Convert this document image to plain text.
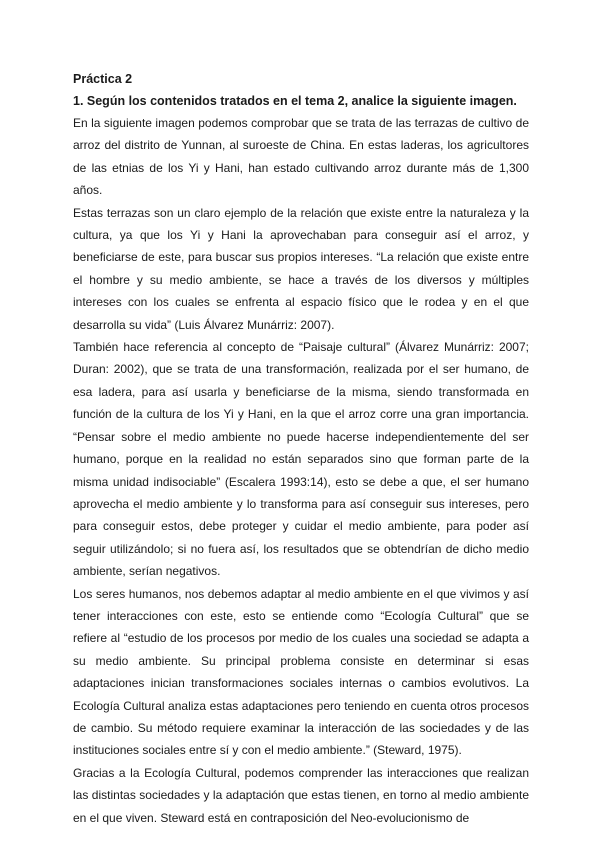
Práctica 2

1. Según los contenidos tratados en el tema 2, analice la siguiente imagen.

En la siguiente imagen podemos comprobar que se trata de las terrazas de cultivo de arroz del distrito de Yunnan, al suroeste de China. En estas laderas, los agricultores de las etnias de los Yi y Hani, han estado cultivando arroz durante más de 1,300 años.

Estas terrazas son un claro ejemplo de la relación que existe entre la naturaleza y la cultura, ya que los Yi y Hani la aprovechaban para conseguir así el arroz, y beneficiarse de este, para buscar sus propios intereses. “La relación que existe entre el hombre y su medio ambiente, se hace a través de los diversos y múltiples intereses con los cuales se enfrenta al espacio físico que le rodea y en el que desarrolla su vida” (Luis Álvarez Munárriz: 2007).

También hace referencia al concepto de “Paisaje cultural” (Álvarez Munárriz: 2007; Duran: 2002), que se trata de una transformación, realizada por el ser humano, de esa ladera, para así usarla y beneficiarse de la misma, siendo transformada en función de la cultura de los Yi y Hani, en la que el arroz corre una gran importancia. “Pensar sobre el medio ambiente no puede hacerse independientemente del ser humano, porque en la realidad no están separados sino que forman parte de la misma unidad indisociable” (Escalera 1993:14), esto se debe a que, el ser humano aprovecha el medio ambiente y lo transforma para así conseguir sus intereses, pero para conseguir estos, debe proteger y cuidar el medio ambiente, para poder así seguir utilizándolo; si no fuera así, los resultados que se obtendrían de dicho medio ambiente, serían negativos.

Los seres humanos, nos debemos adaptar al medio ambiente en el que vivimos y así tener interacciones con este, esto se entiende como “Ecología Cultural” que se refiere al “estudio de los procesos por medio de los cuales una sociedad se adapta a su medio ambiente. Su principal problema consiste en determinar si esas adaptaciones inician transformaciones sociales internas o cambios evolutivos. La Ecología Cultural analiza estas adaptaciones pero teniendo en cuenta otros procesos de cambio. Su método requiere examinar la interacción de las sociedades y de las instituciones sociales entre sí y con el medio ambiente.” (Steward, 1975).

Gracias a la Ecología Cultural, podemos comprender las interacciones que realizan las distintas sociedades y la adaptación que estas tienen, en torno al medio ambiente en el que viven. Steward está en contraposición del Neo-evolucionismo de
